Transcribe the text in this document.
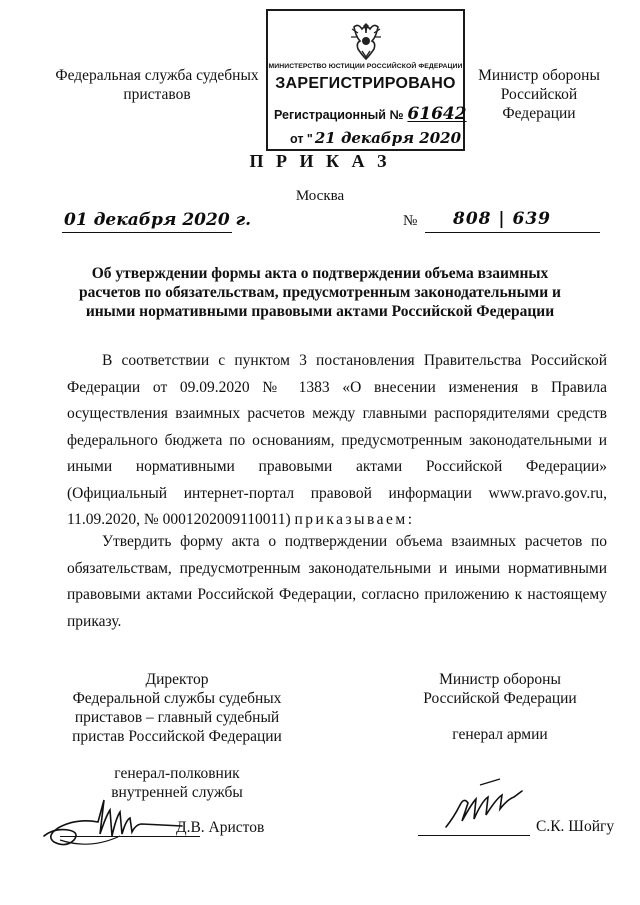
Федеральная служба судебных
приставов
МИНИСТЕРСТВО ЮСТИЦИИ РОССИЙСКОЙ ФЕДЕРАЦИИ
ЗАРЕГИСТРИРОВАНО
Регистрационный № 61642
от " 21 декабря 2020
Министр обороны
Российской Федерации
П Р И К А З
Москва
01 декабря 2020 г.	№ 808 | 639
Об утверждении формы акта о подтверждении объема взаимных расчетов по обязательствам, предусмотренным законодательными и иными нормативными правовыми актами Российской Федерации
В соответствии с пунктом 3 постановления Правительства Российской Федерации от 09.09.2020 № 1383 «О внесении изменения в Правила осуществления взаимных расчетов между главными распорядителями средств федерального бюджета по основаниям, предусмотренным законодательными и иными нормативными правовыми актами Российской Федерации» (Официальный интернет-портал правовой информации www.pravo.gov.ru, 11.09.2020, № 0001202009110011) приказываем:
Утвердить форму акта о подтверждении объема взаимных расчетов по обязательствам, предусмотренным законодательными и иными нормативными правовыми актами Российской Федерации, согласно приложению к настоящему приказу.
Директор
Федеральной службы судебных
приставов – главный судебный
пристав Российской Федерации
генерал-полковник
внутренней службы
Министр обороны
Российской Федерации
генерал армии
Д.В. Аристов	С.К. Шойгу
